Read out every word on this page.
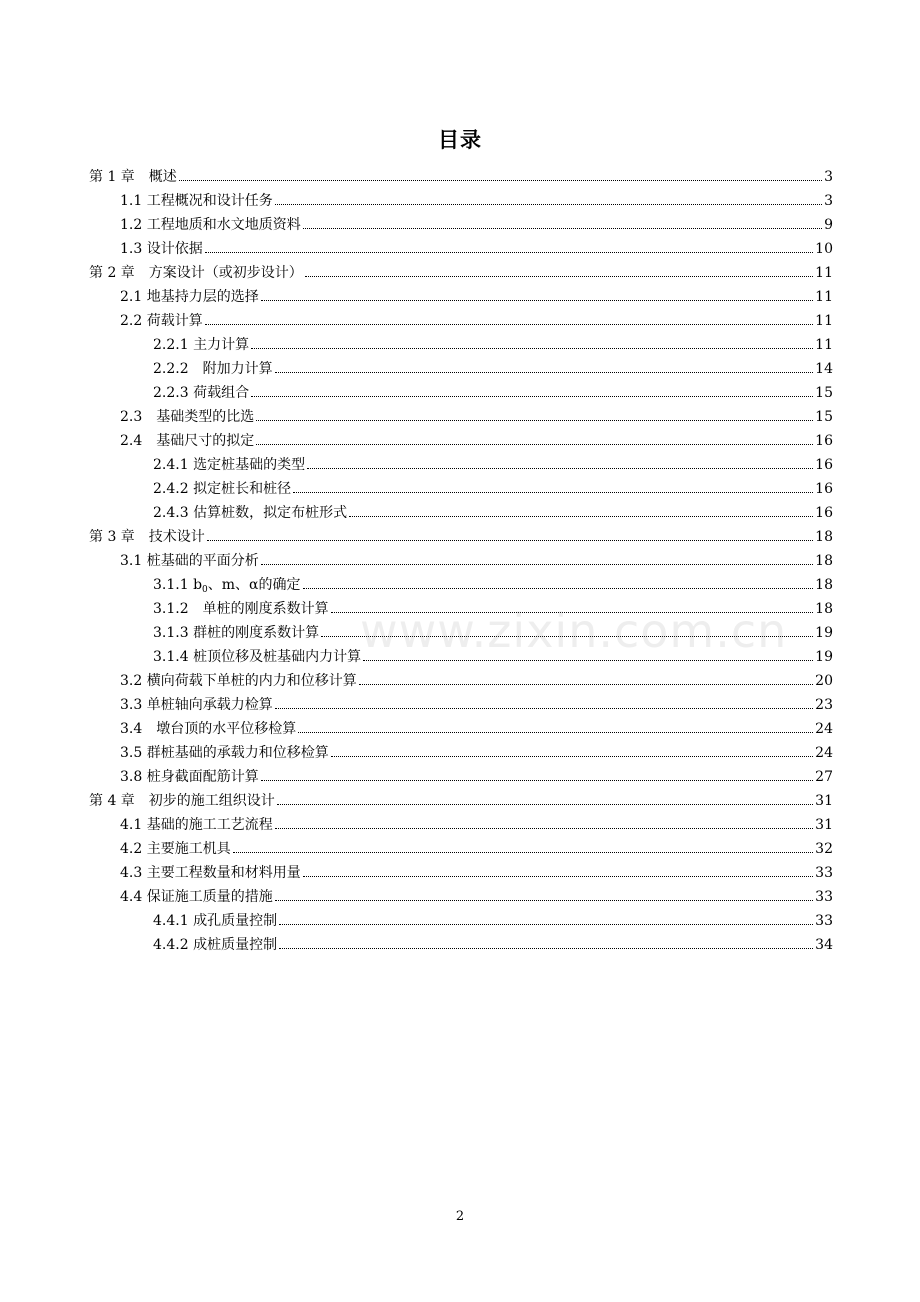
目录
第 1 章　概述	3
1.1 工程概况和设计任务	3
1.2 工程地质和水文地质资料	9
1.3 设计依据	10
第 2 章　方案设计（或初步设计）	11
2.1 地基持力层的选择	11
2.2 荷载计算	11
2.2.1 主力计算	11
2.2.2　附加力计算	14
2.2.3 荷载组合	15
2.3　基础类型的比选	15
2.4　基础尺寸的拟定	16
2.4.1 选定桩基础的类型	16
2.4.2 拟定桩长和桩径	16
2.4.3 估算桩数，拟定布桩形式	16
第 3 章　技术设计	18
3.1 桩基础的平面分析	18
3.1.1 $b_0$、m、α的确定	18
3.1.2　单桩的刚度系数计算	18
3.1.3 群桩的刚度系数计算	19
3.1.4 桩顶位移及桩基础内力计算	19
3.2 横向荷载下单桩的内力和位移计算	20
3.3 单桩轴向承载力检算	23
3.4　墩台顶的水平位移检算	24
3.5 群桩基础的承载力和位移检算	24
3.8 桩身截面配筋计算	27
第 4 章　初步的施工组织设计	31
4.1 基础的施工工艺流程	31
4.2 主要施工机具	32
4.3 主要工程数量和材料用量	33
4.4 保证施工质量的措施	33
4.4.1 成孔质量控制	33
4.4.2 成桩质量控制	34
www.zixin.com.cn
2
